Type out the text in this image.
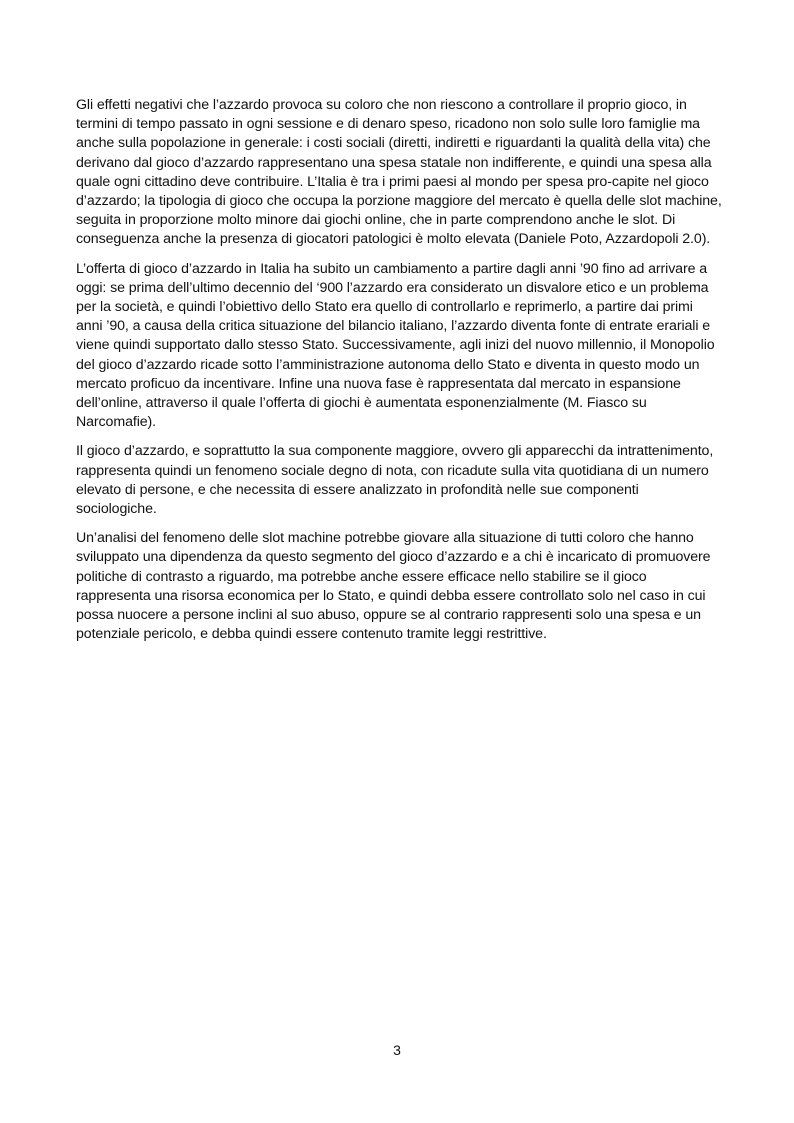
Gli effetti negativi che l’azzardo provoca su coloro che non riescono a controllare il proprio gioco, in termini di tempo passato in ogni sessione e di denaro speso, ricadono non solo sulle loro famiglie ma anche sulla popolazione in generale: i costi sociali (diretti, indiretti e riguardanti la qualità della vita) che derivano dal gioco d’azzardo rappresentano una spesa statale non indifferente, e quindi una spesa alla quale ogni cittadino deve contribuire. L’Italia è tra i primi paesi al mondo per spesa pro-capite nel gioco d’azzardo; la tipologia di gioco che occupa la porzione maggiore del mercato è quella delle slot machine, seguita in proporzione molto minore dai giochi online, che in parte comprendono anche le slot. Di conseguenza anche la presenza di giocatori patologici è molto elevata (Daniele Poto, Azzardopoli 2.0).

L’offerta di gioco d’azzardo in Italia ha subito un cambiamento a partire dagli anni ’90 fino ad arrivare a oggi: se prima dell’ultimo decennio del ‘900 l’azzardo era considerato un disvalore etico e un problema per la società, e quindi l’obiettivo dello Stato era quello di controllarlo e reprimerlo, a partire dai primi anni ’90, a causa della critica situazione del bilancio italiano, l’azzardo diventa fonte di entrate erariali e viene quindi supportato dallo stesso Stato. Successivamente, agli inizi del nuovo millennio, il Monopolio del gioco d’azzardo ricade sotto l’amministrazione autonoma dello Stato e diventa in questo modo un mercato proficuo da incentivare. Infine una nuova fase è rappresentata dal mercato in espansione dell’online, attraverso il quale l’offerta di giochi è aumentata esponenzialmente (M. Fiasco su Narcomafie).

Il gioco d’azzardo, e soprattutto la sua componente maggiore, ovvero gli apparecchi da intrattenimento, rappresenta quindi un fenomeno sociale degno di nota, con ricadute sulla vita quotidiana di un numero elevato di persone, e che necessita di essere analizzato in profondità nelle sue componenti sociologiche.

Un’analisi del fenomeno delle slot machine potrebbe giovare alla situazione di tutti coloro che hanno sviluppato una dipendenza da questo segmento del gioco d’azzardo e a chi è incaricato di promuovere politiche di contrasto a riguardo, ma potrebbe anche essere efficace nello stabilire se il gioco rappresenta una risorsa economica per lo Stato, e quindi debba essere controllato solo nel caso in cui possa nuocere a persone inclini al suo abuso, oppure se al contrario rappresenti solo una spesa e un potenziale pericolo, e debba quindi essere contenuto tramite leggi restrittive.

3
